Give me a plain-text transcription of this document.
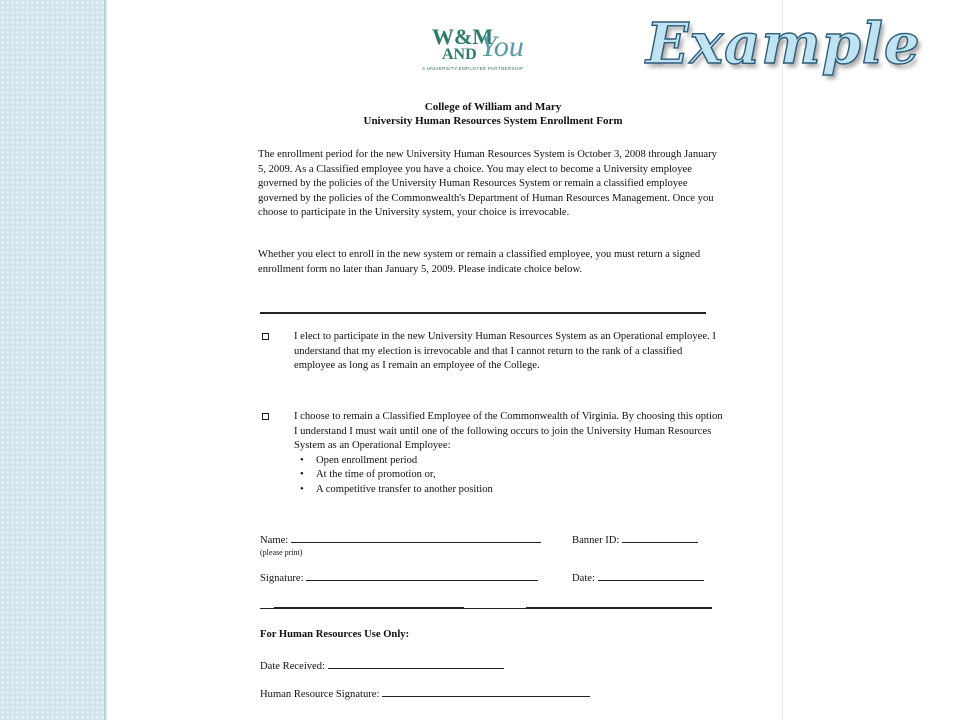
Example
W&M
AND You
A UNIVERSITY-EMPLOYEE PARTNERSHIP
College of William and Mary
University Human Resources System Enrollment Form

The enrollment period for the new University Human Resources System is October 3, 2008 through January 5, 2009. As a Classified employee you have a choice. You may elect to become a University employee governed by the policies of the University Human Resources System or remain a classified employee governed by the policies of the Commonwealth's Department of Human Resources Management. Once you choose to participate in the University system, your choice is irrevocable.

Whether you elect to enroll in the new system or remain a classified employee, you must return a signed enrollment form no later than January 5, 2009. Please indicate choice below.

I elect to participate in the new University Human Resources System as an Operational employee. I understand that my election is irrevocable and that I cannot return to the rank of a classified employee as long as I remain an employee of the College.
I choose to remain a Classified Employee of the Commonwealth of Virginia. By choosing this option I understand I must wait until one of the following occurs to join the University Human Resources System as an Operational Employee:
• Open enrollment period
• At the time of promotion or,
• A competitive transfer to another position
Name:
(please print)
Banner ID:
Signature:	Date:
For Human Resources Use Only:
Date Received:
Human Resource Signature:
